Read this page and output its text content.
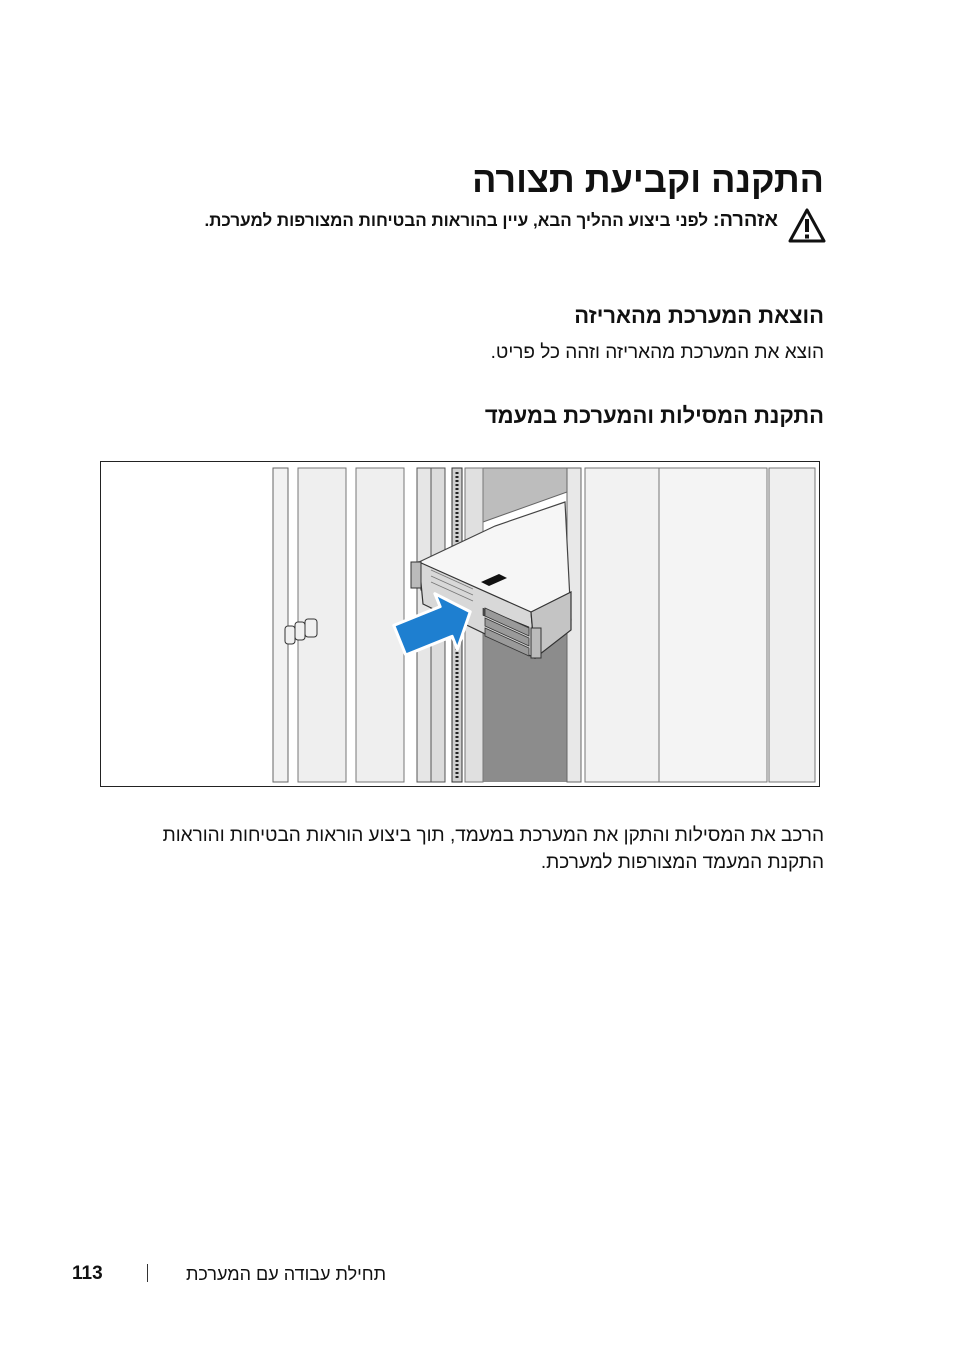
התקנה וקביעת תצורה
אזהרה: לפני ביצוע ההליך הבא, עיין בהוראות הבטיחות המצורפות למערכת.
הוצאת המערכת מהאריזה

הוצא את המערכת מהאריזה וזהה כל פריט.

התקנת המסילות והמערכת במעמד

הרכב את המסילות והתקן את המערכת במעמד, תוך ביצוע הוראות הבטיחות והוראות התקנת המעמד המצורפות למערכת.

113	תחילת עבודה עם המערכת
